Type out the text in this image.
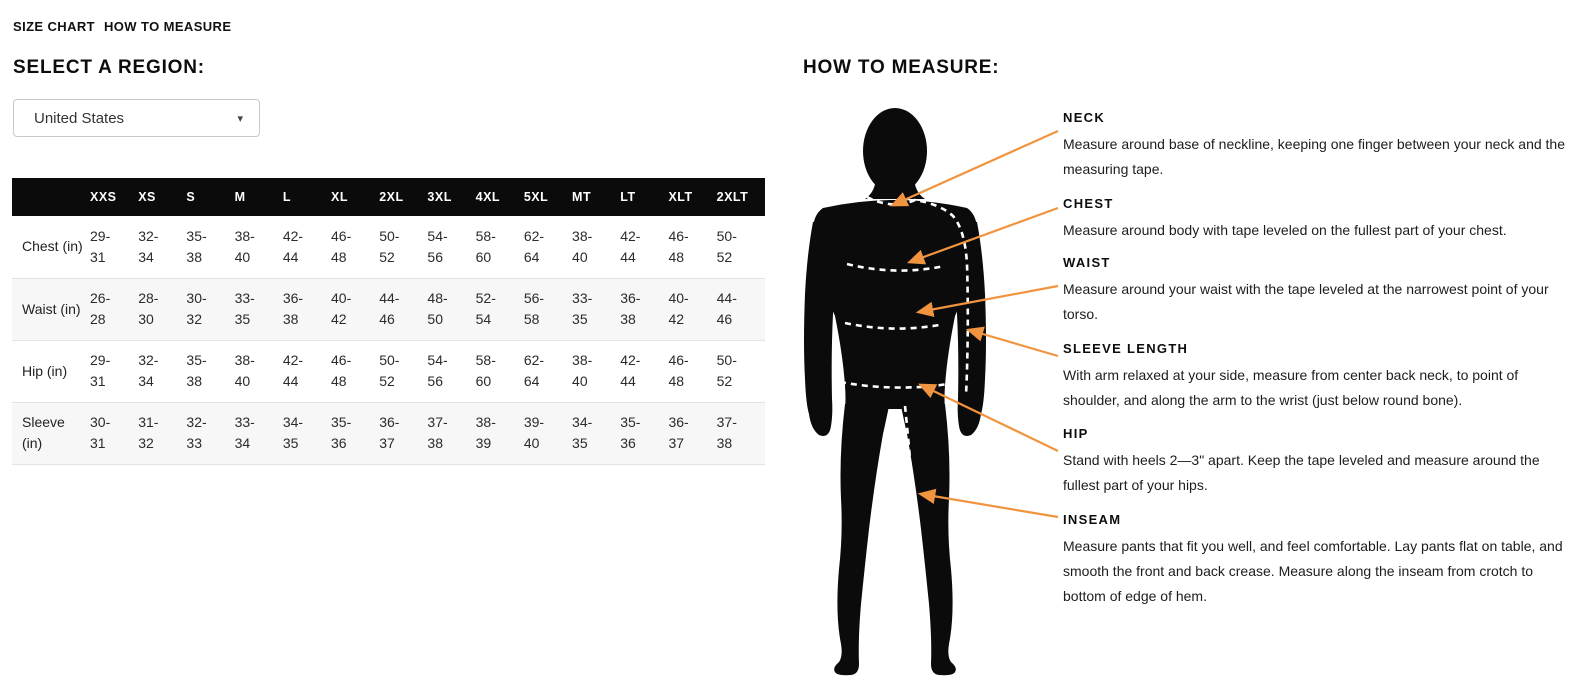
SIZE CHART HOW TO MEASURE
SELECT A REGION:
United States	▾
	XXS	XS	S	M	L	XL	2XL	3XL	4XL	5XL	MT	LT	XLT	2XLT
Chest (in)	29-31	32-34	35-38	38-40	42-44	46-48	50-52	54-56	58-60	62-64	38-40	42-44	46-48	50-52
Waist (in)	26-28	28-30	30-32	33-35	36-38	40-42	44-46	48-50	52-54	56-58	33-35	36-38	40-42	44-46
Hip (in)	29-31	32-34	35-38	38-40	42-44	46-48	50-52	54-56	58-60	62-64	38-40	42-44	46-48	50-52
Sleeve (in)	30-31	31-32	32-33	33-34	34-35	35-36	36-37	37-38	38-39	39-40	34-35	35-36	36-37	37-38
HOW TO MEASURE:
NECK

Measure around base of neckline, keeping one finger between your neck and the measuring tape.

CHEST

Measure around body with tape leveled on the fullest part of your chest.

WAIST

Measure around your waist with the tape leveled at the narrowest point of your torso.

SLEEVE LENGTH

With arm relaxed at your side, measure from center back neck, to point of shoulder, and along the arm to the wrist (just below round bone).

HIP

Stand with heels 2—3" apart. Keep the tape leveled and measure around the fullest part of your hips.

INSEAM

Measure pants that fit you well, and feel comfortable. Lay pants flat on table, and smooth the front and back crease. Measure along the inseam from crotch to bottom of edge of hem.
